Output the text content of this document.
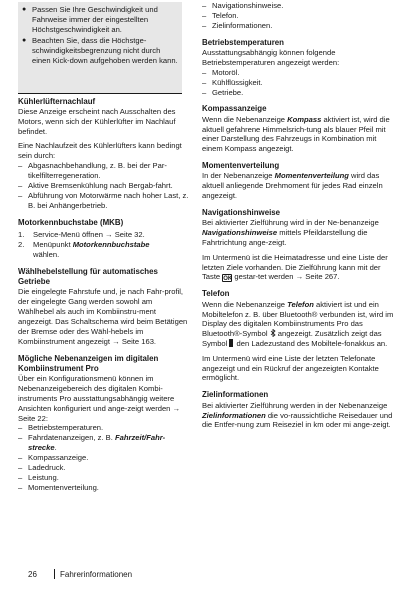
● Passen Sie Ihre Geschwindigkeit und Fahrweise immer der eingestellten Höchstgeschwindigkeit an.
● Beachten Sie, dass die Höchstge-schwindigkeitsbegrenzung nicht durch einen Kick-down aufgehoben werden kann.
Kühlerlüfternachlauf

Diese Anzeige erscheint nach Ausschalten des Motors, wenn sich der Kühlerlüfter im Nachlauf befindet.

Eine Nachlaufzeit des Kühlerlüfters kann bedingt sein durch:

– Abgasnachbehandlung, z. B. bei der Par-tikelfilterregeneration.
– Aktive Bremsenkühlung nach Bergab-fahrt.
– Abführung von Motorwärme nach hoher Last, z. B. bei Anhängerbetrieb.
Motorkennbuchstabe (MKB)
1.	Service-Menü öffnen → Seite 32.
2.	Menüpunkt Motorkennbuchstabe
wählen.
Wählhebelstellung für automatisches Getriebe

Die eingelegte Fahrstufe und, je nach Fahr-profil, der eingelegte Gang werden sowohl am Wählhebel als auch im Kombiinstru-ment angezeigt. Das Schaltschema wird beim Betätigen der Bremse oder des Wähl-hebels im Kombiinstrument angezeigt → Seite 163.

Mögliche Nebenanzeigen im digitalen Kombiinstrument Pro

Über ein Konfigurationsmenü können im Nebenanzeigebereich des digitalen Kombi-instruments Pro ausstattungsabhängig weitere Ansichten konfiguriert und ange-zeigt werden → Seite 22:

– Betriebstemperaturen.
– Fahrdatenanzeigen, z. B. Fahrzeit/Fahr-strecke.
– Kompassanzeige.
– Ladedruck.
– Leistung.
– Momentenverteilung.
– Navigationshinweise.
– Telefon.
– Zielinformationen.
Betriebstemperaturen

Ausstattungsabhängig können folgende Betriebstemperaturen angezeigt werden:

– Motoröl.
– Kühlflüssigkeit.
– Getriebe.
Kompassanzeige

Wenn die Nebenanzeige Kompass aktiviert ist, wird die aktuell gefahrene Himmelsrich-tung als blauer Pfeil mit einer Darstellung des Fahrzeugs in Kombination mit einem Kompass angezeigt.

Momentenverteilung

In der Nebenanzeige Momentenverteilung wird das aktuell anliegende Drehmoment für jedes Rad einzeln angezeigt.

Navigationshinweise

Bei aktivierter Zielführung wird in der Ne-benanzeige Navigationshinweise mittels Pfeildarstellung die Fahrtrichtung ange-zeigt.

Im Untermenü ist die Heimatadresse und eine Liste der letzten Ziele vorhanden. Die Zielführung kann mit der Taste OK gestar-tet werden → Seite 267.

Telefon

Wenn die Nebenanzeige Telefon aktiviert ist und ein Mobiltelefon z. B. über Bluetooth® verbunden ist, wird im Display des digitalen Kombiinstruments Pro das Bluetooth®-Symbol  angezeigt. Zusätzlich zeigt das Symbol  den Ladezustand des Mobiltele-fonakkus an.

Im Untermenü wird eine Liste der letzten Telefonate angezeigt und ein Rückruf der angezeigten Kontakte ermöglicht.

Zielinformationen

Bei aktivierter Zielführung werden in der Nebenanzeige Zielinformationen die vo-raussichtliche Reisedauer und die Entfer-nung zum Reiseziel in km oder mi ange-zeigt.

26	Fahrerinformationen
